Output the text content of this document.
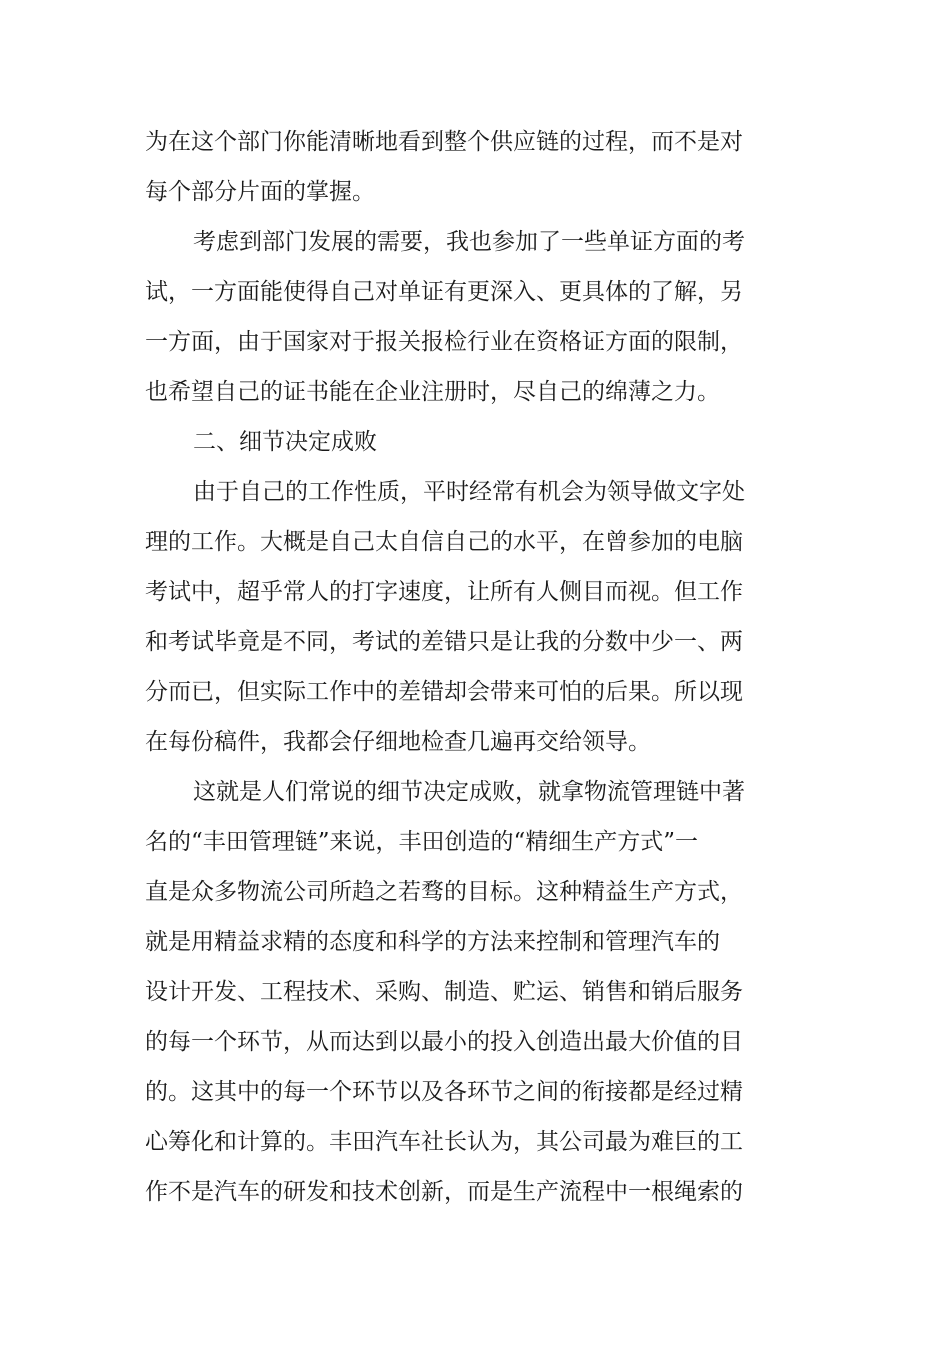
为在这个部门你能清晰地看到整个供应链的过程，而不是对

每个部分片面的掌握。

考虑到部门发展的需要，我也参加了一些单证方面的考

试，一方面能使得自己对单证有更深入、更具体的了解，另

一方面，由于国家对于报关报检行业在资格证方面的限制，

也希望自己的证书能在企业注册时，尽自己的绵薄之力。

二、细节决定成败

由于自己的工作性质，平时经常有机会为领导做文字处

理的工作。大概是自己太自信自己的水平，在曾参加的电脑

考试中，超乎常人的打字速度，让所有人侧目而视。但工作

和考试毕竟是不同，考试的差错只是让我的分数中少一、两

分而已，但实际工作中的差错却会带来可怕的后果。所以现

在每份稿件，我都会仔细地检查几遍再交给领导。

这就是人们常说的细节决定成败，就拿物流管理链中著

名的“丰田管理链”来说，丰田创造的“精细生产方式”一

直是众多物流公司所趋之若骛的目标。这种精益生产方式，

就是用精益求精的态度和科学的方法来控制和管理汽车的

设计开发、工程技术、采购、制造、贮运、销售和销后服务

的每一个环节，从而达到以最小的投入创造出最大价值的目

的。这其中的每一个环节以及各环节之间的衔接都是经过精

心筹化和计算的。丰田汽车社长认为，其公司最为难巨的工

作不是汽车的研发和技术创新，而是生产流程中一根绳索的
